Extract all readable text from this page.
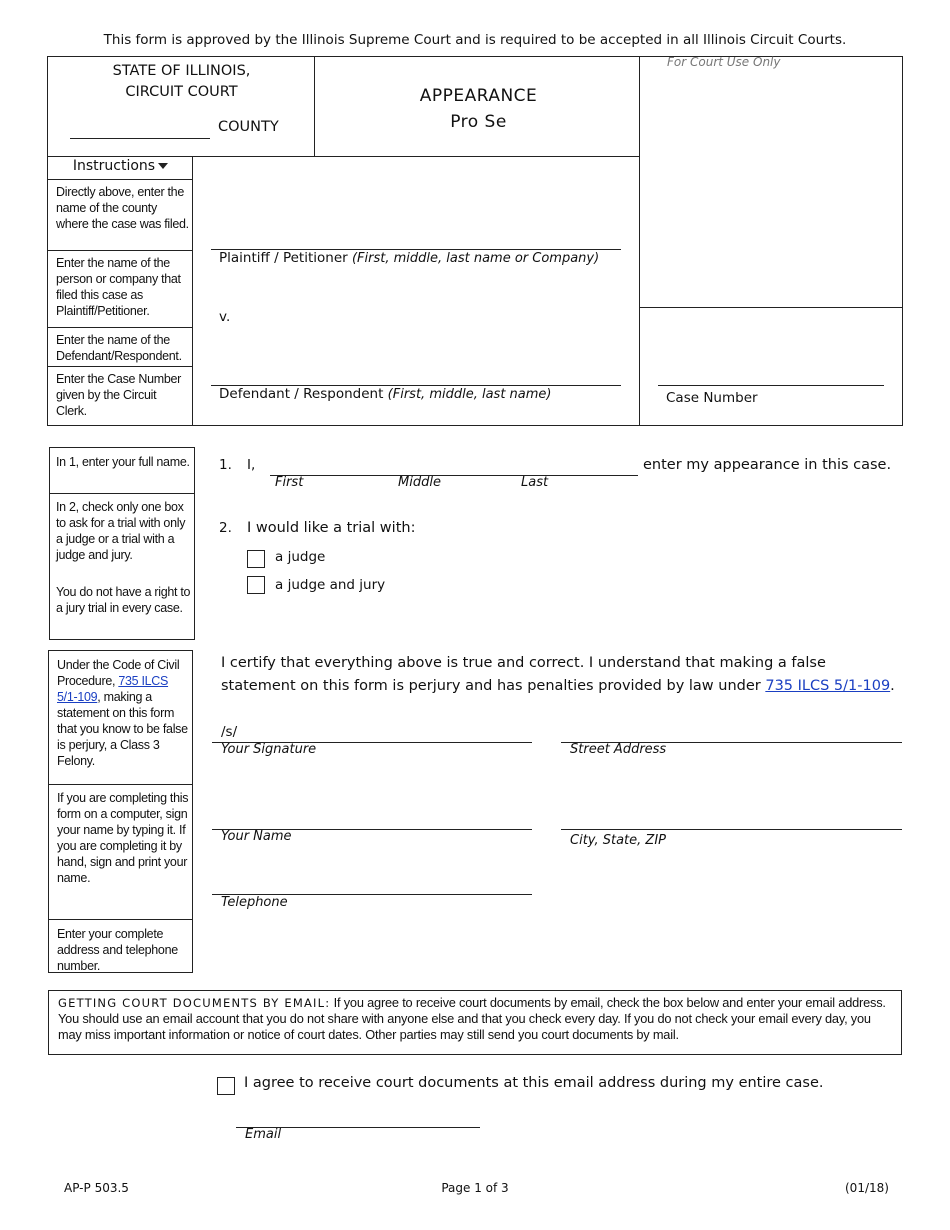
This form is approved by the Illinois Supreme Court and is required to be accepted in all Illinois Circuit Courts.
STATE OF ILLINOIS,
CIRCUIT COURT
COUNTY
APPEARANCE
Pro Se
For Court Use Only
Instructions
Directly above, enter the name of the county where the case was filed.
Enter the name of the person or company that filed this case as Plaintiff/Petitioner.
Enter the name of the Defendant/Respondent.
Enter the Case Number given by the Circuit Clerk.
Plaintiff / Petitioner (First, middle, last name or Company)
v.
Defendant / Respondent (First, middle, last name)	Case Number
In 1, enter your full name.
In 2, check only one box to ask for a trial with only a judge or a trial with a judge and jury.
You do not have a right to a jury trial in every case.
1. I,	enter my appearance in this case.
First	Middle	Last
2. I would like a trial with:
a judge
a judge and jury
Under the Code of Civil Procedure, 735 ILCS 5/1-109, making a statement on this form that you know to be false is perjury, a Class 3 Felony.
If you are completing this form on a computer, sign your name by typing it. If you are completing it by hand, sign and print your name.
Enter your complete address and telephone number.
I certify that everything above is true and correct. I understand that making a false statement on this form is perjury and has penalties provided by law under 735 ILCS 5/1-109.
/s/
Your Signature	Street Address
Your Name	City, State, ZIP
Telephone
GETTING COURT DOCUMENTS BY EMAIL: If you agree to receive court documents by email, check the box below and enter your email address. You should use an email account that you do not share with anyone else and that you check every day. If you do not check your email every day, you may miss important information or notice of court dates. Other parties may still send you court documents by mail.
I agree to receive court documents at this email address during my entire case.
Email
AP-P 503.5	Page 1 of 3	(01/18)
